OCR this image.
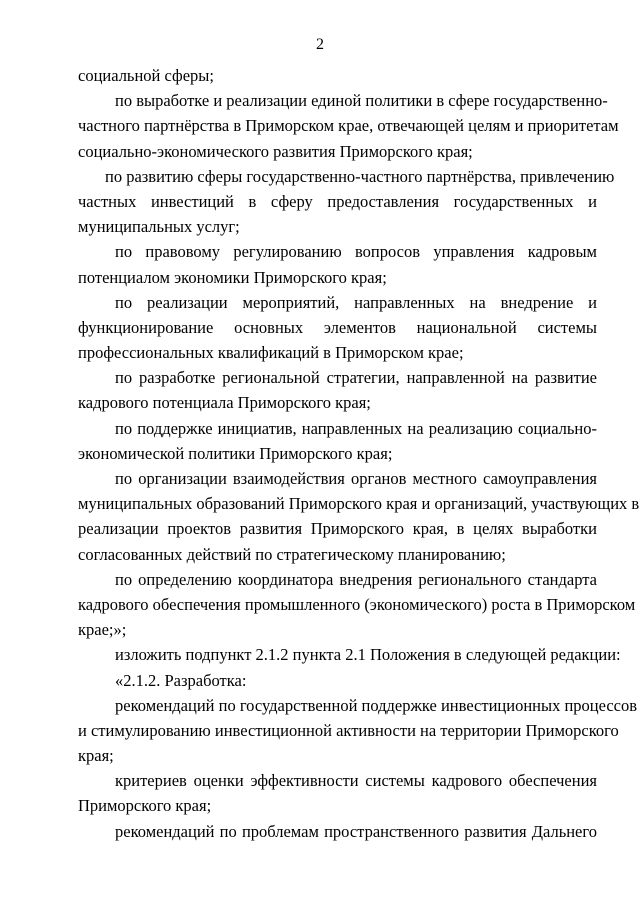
2
социальной сферы;
по выработке и реализации единой политики в сфере государственно-
частного партнёрства в Приморском крае, отвечающей целям и приоритетам
социально-экономического развития Приморского края;
по развитию сферы государственно-частного партнёрства, привлечению
частных инвестиций в сферу предоставления государственных и
муниципальных услуг;
по правовому регулированию вопросов управления кадровым
потенциалом экономики Приморского края;
по реализации мероприятий, направленных на внедрение и
функционирование основных элементов национальной системы
профессиональных квалификаций в Приморском крае;
по разработке региональной стратегии, направленной на развитие
кадрового потенциала Приморского края;
по поддержке инициатив, направленных на реализацию социально-
экономической политики Приморского края;
по организации взаимодействия органов местного самоуправления
муниципальных образований Приморского края и организаций, участвующих в
реализации проектов развития Приморского края, в целях выработки
согласованных действий по стратегическому планированию;
по определению координатора внедрения регионального стандарта
кадрового обеспечения промышленного (экономического) роста в Приморском
крае;»;
изложить подпункт 2.1.2 пункта 2.1 Положения в следующей редакции:
«2.1.2. Разработка:
рекомендаций по государственной поддержке инвестиционных процессов
и стимулированию инвестиционной активности на территории Приморского
края;
критериев оценки эффективности системы кадрового обеспечения
Приморского края;
рекомендаций по проблемам пространственного развития Дальнего
